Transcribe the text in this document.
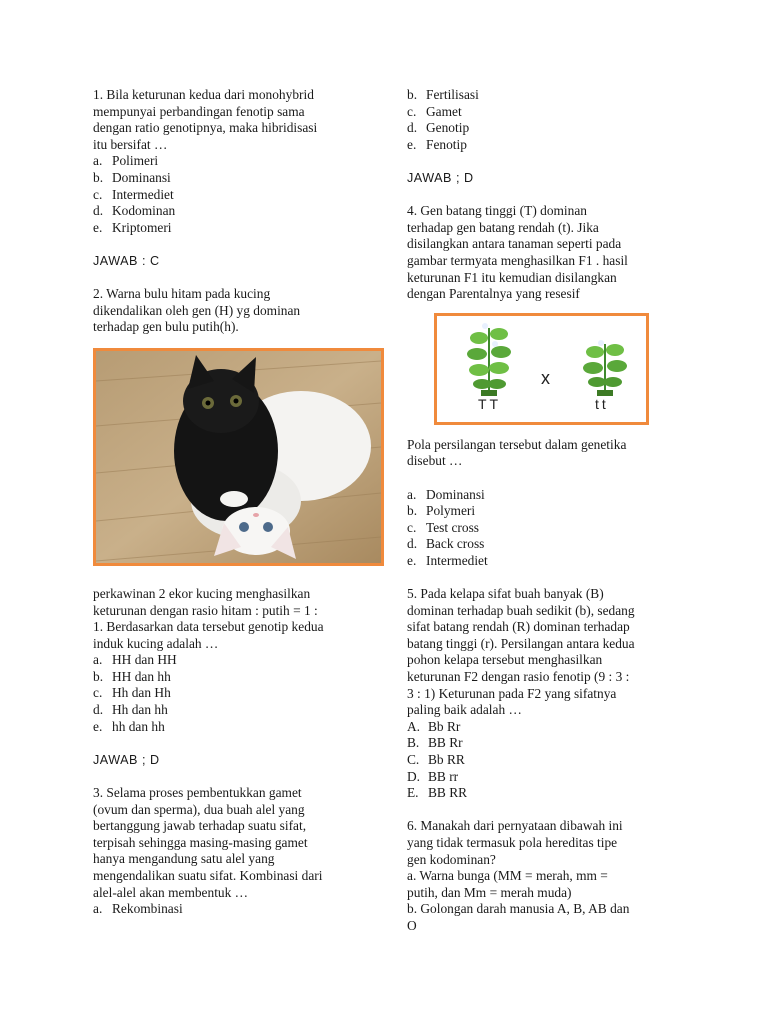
1. Bila keturunan kedua dari monohybrid
mempunyai perbandingan fenotip sama
dengan ratio genotipnya, maka hibridisasi
itu bersifat …
a. Polimeri
b. Dominansi
c. Intermediet
d. Kodominan
e. Kriptomeri
JAWAB : C
2. Warna bulu hitam pada kucing
dikendalikan oleh gen (H) yg dominan
terhadap gen bulu putih(h).
perkawinan 2 ekor kucing menghasilkan
keturunan dengan rasio hitam : putih = 1 :
1. Berdasarkan data tersebut genotip kedua
induk kucing adalah …
a. HH dan HH
b. HH dan hh
c. Hh dan Hh
d. Hh dan hh
e. hh dan hh
JAWAB ; D
3. Selama proses pembentukkan gamet
(ovum dan sperma), dua buah alel yang
bertanggung jawab terhadap suatu sifat,
terpisah sehingga masing-masing gamet
hanya mengandung satu alel yang
mengendalikan suatu sifat. Kombinasi dari
alel-alel akan membentuk …
a. Rekombinasi
b. Fertilisasi
c. Gamet
d. Genotip
e. Fenotip
JAWAB ; D
4. Gen batang tinggi (T) dominan
terhadap gen batang rendah (t). Jika
disilangkan antara tanaman seperti pada
gambar termyata menghasilkan F1 . hasil
keturunan F1 itu kemudian disilangkan
dengan Parentalnya yang resesif
TT
x
tt
Pola persilangan tersebut dalam genetika
disebut …
a. Dominansi
b. Polymeri
c. Test cross
d. Back cross
e. Intermediet
5. Pada kelapa sifat buah banyak (B)
dominan terhadap buah sedikit (b), sedang
sifat batang rendah (R) dominan terhadap
batang tinggi (r). Persilangan antara kedua
pohon kelapa tersebut menghasilkan
keturunan F2 dengan rasio fenotip (9 : 3 :
3 : 1) Keturunan pada F2 yang sifatnya
paling baik adalah …
A. Bb Rr
B. BB Rr
C. Bb RR
D. BB rr
E. BB RR
6. Manakah dari pernyataan dibawah ini
yang tidak termasuk pola hereditas tipe
gen kodominan?
a. Warna bunga (MM = merah, mm =
putih, dan Mm = merah muda)
b. Golongan darah manusia A, B, AB dan
O
